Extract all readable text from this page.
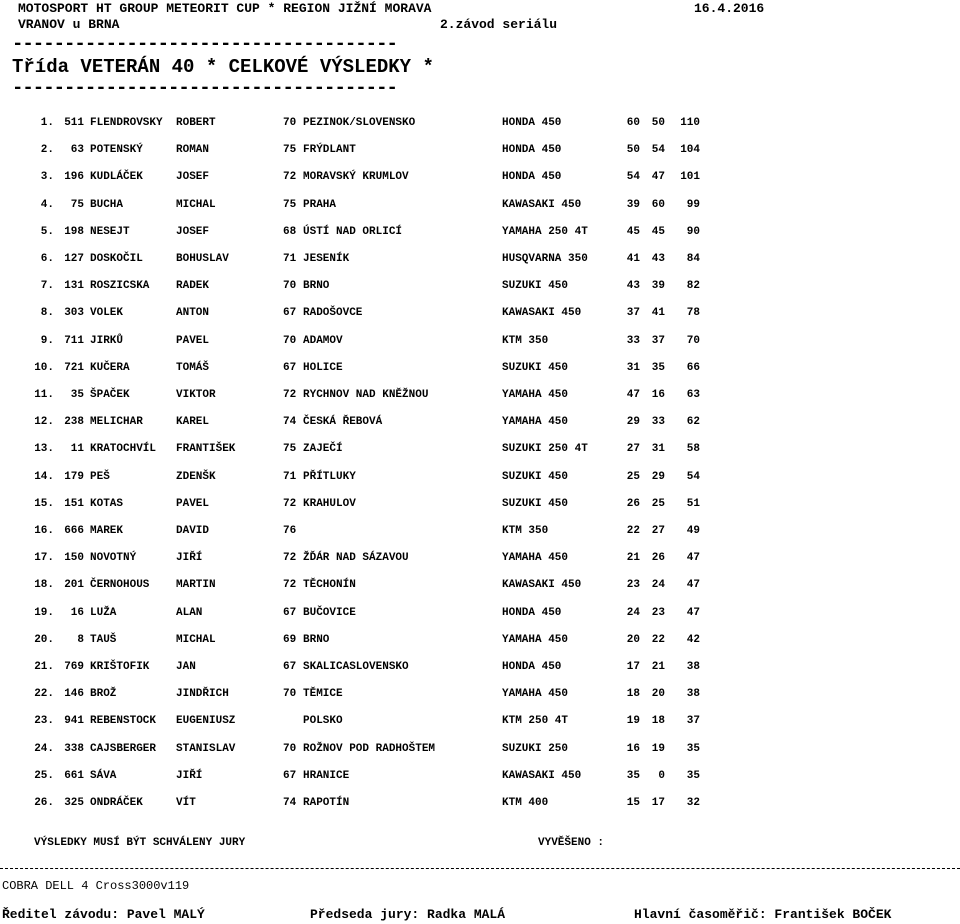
MOTOSPORT HT GROUP METEORIT CUP * REGION JIŽNÍ MORAVA	16.4.2016
VRANOV u BRNA	2.závod seriálu
-------------------------------------
Třída VETERÁN 40 * CELKOVÉ VÝSLEDKY *
-------------------------------------
1. 511 FLENDROVSKY ROBERT	70 PEZINOK/SLOVENSKO	HONDA 450	60	50	110
2.	63 POTENSKÝ	ROMAN	75 FRÝDLANT	HONDA 450	50	54	104
3. 196 KUDLÁČEK	JOSEF	72 MORAVSKÝ KRUMLOV	HONDA 450	54	47	101
4.	75 BUCHA	MICHAL	75 PRAHA	KAWASAKI 450	39	60	99
5. 198 NESEJT	JOSEF	68 ÚSTÍ NAD ORLICÍ	YAMAHA 250 4T	45	45	90
6. 127 DOSKOČIL	BOHUSLAV	71 JESENÍK	HUSQVARNA 350	41	43	84
7. 131 ROSZICSKA RADEK	70 BRNO	SUZUKI 450	43	39	82
8. 303 VOLEK	ANTON	67 RADOŠOVCE	KAWASAKI 450	37	41	78
9. 711 JIRKŮ	PAVEL	70 ADAMOV	KTM 350	33	37	70
10. 721 KUČERA	TOMÁŠ	67 HOLICE	SUZUKI 450	31	35	66
11.	35 ŠPAČEK	VIKTOR	72 RYCHNOV NAD KNĚŽNOU	YAMAHA 450	47	16	63
12. 238 MELICHAR	KAREL	74 ČESKÁ ŘEBOVÁ	YAMAHA 450	29	33	62
13.	11 KRATOCHVÍL FRANTIŠEK	75 ZAJEČÍ	SUZUKI 250 4T	27	31	58
14. 179 PEŠ	ZDENŠK	71 PŘÍTLUKY	SUZUKI 450	25	29	54
15. 151 KOTAS	PAVEL	72 KRAHULOV	SUZUKI 450	26	25	51
16. 666 MAREK	DAVID	76	KTM 350	22	27	49
17. 150 NOVOTNÝ	JIŘÍ	72 ŽĎÁR NAD SÁZAVOU	YAMAHA 450	21	26	47
18. 201 ČERNOHOUS MARTIN	72 TĚCHONÍN	KAWASAKI 450	23	24	47
19.	16 LUŽA	ALAN	67 BUČOVICE	HONDA 450	24	23	47
20.	8 TAUŠ	MICHAL	69 BRNO	YAMAHA 450	20	22	42
21. 769 KRIŠTOFIK JAN	67 SKALICASLOVENSKO	HONDA 450	17	21	38
22. 146 BROŽ	JINDŘICH	70 TĚMICE	YAMAHA 450	18	20	38
23. 941 REBENSTOCK EUGENIUSZ	POLSKO	KTM 250 4T	19	18	37
24. 338 CAJSBERGER STANISLAV	70 ROŽNOV POD RADHOŠTEM	SUZUKI 250	16	19	35
25. 661 SÁVA	JIŘÍ	67 HRANICE	KAWASAKI 450	35	0	35
26. 325 ONDRÁČEK	VÍT	74 RAPOTÍN	KTM 400	15	17	32
VÝSLEDKY MUSÍ BÝT SCHVÁLENY JURY	VYVĚŠENO :
COBRA DELL 4 Cross3000v119
Ředitel závodu: Pavel MALÝ	Předseda jury: Radka MALÁ	Hlavní časoměřič: František BOČEK
